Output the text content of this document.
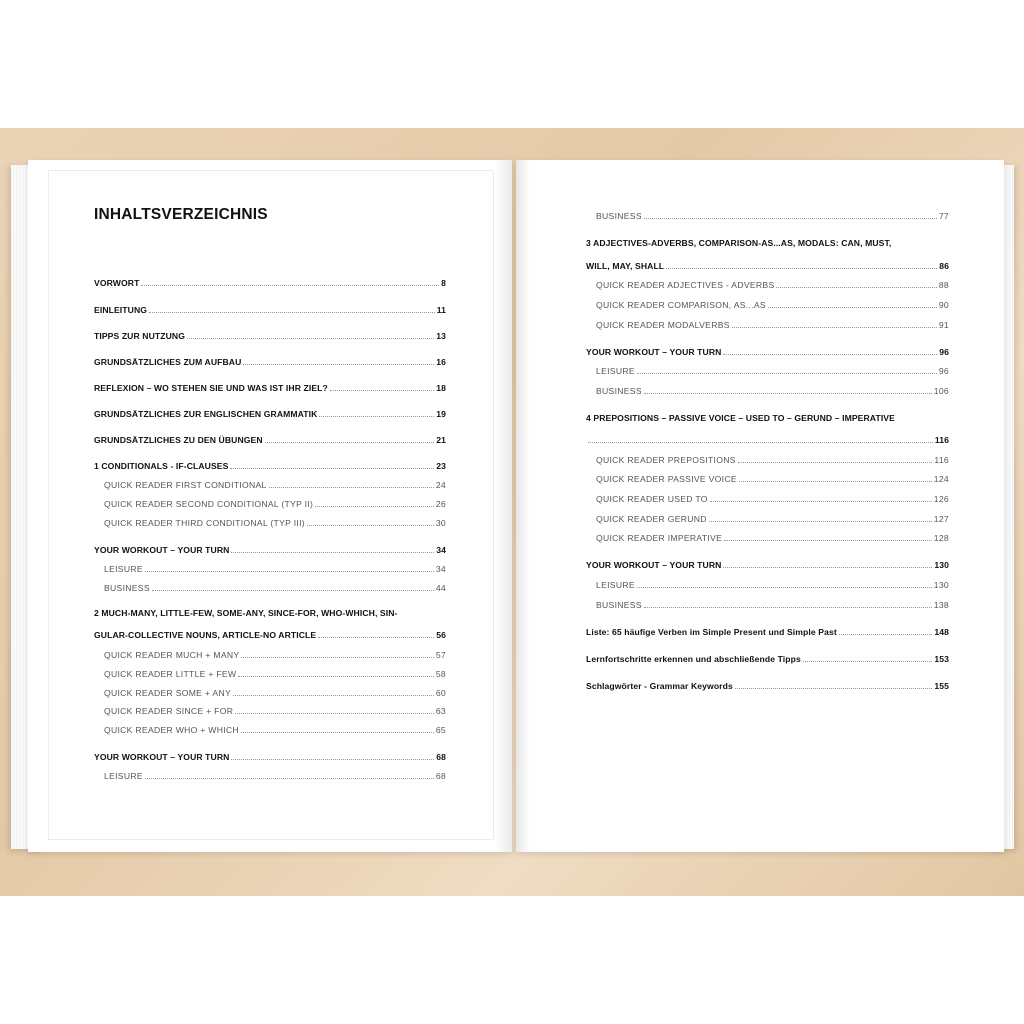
INHALTSVERZEICHNIS
VORWORT	8
EINLEITUNG	11
TIPPS ZUR NUTZUNG	13
GRUNDSÄTZLICHES ZUM AUFBAU	16
REFLEXION – WO STEHEN SIE UND WAS IST IHR ZIEL?	18
GRUNDSÄTZLICHES ZUR ENGLISCHEN GRAMMATIK	19
GRUNDSÄTZLICHES ZU DEN ÜBUNGEN	21
1 CONDITIONALS - IF-CLAUSES	23
QUICK READER FIRST CONDITIONAL	24
QUICK READER SECOND CONDITIONAL (TYP II)	26
QUICK READER THIRD CONDITIONAL (TYP III)	30
YOUR WORKOUT – YOUR TURN	34
LEISURE	34
BUSINESS	44
2 MUCH-MANY, LITTLE-FEW, SOME-ANY, SINCE-FOR, WHO-WHICH, SIN-
GULAR-COLLECTIVE NOUNS, ARTICLE-NO ARTICLE	56
QUICK READER MUCH + MANY	57
QUICK READER LITTLE + FEW	58
QUICK READER SOME + ANY	60
QUICK READER SINCE + FOR	63
QUICK READER WHO + WHICH	65
YOUR WORKOUT – YOUR TURN	68
LEISURE	68
BUSINESS	77
3 ADJECTIVES-ADVERBS, COMPARISON-AS...AS, MODALS: CAN, MUST,
WILL, MAY, SHALL	86
QUICK READER ADJECTIVES - ADVERBS	88
QUICK READER COMPARISON, AS...AS	90
QUICK READER MODALVERBS	91
YOUR WORKOUT – YOUR TURN	96
LEISURE	96
BUSINESS	106
4 PREPOSITIONS – PASSIVE VOICE – USED TO – GERUND – IMPERATIVE
116
QUICK READER PREPOSITIONS	116
QUICK READER PASSIVE VOICE	124
QUICK READER USED TO	126
QUICK READER GERUND	127
QUICK READER IMPERATIVE	128
YOUR WORKOUT – YOUR TURN	130
LEISURE	130
BUSINESS	138
Liste: 65 häufige Verben im Simple Present und Simple Past	148
Lernfortschritte erkennen und abschließende Tipps	153
Schlagwörter - Grammar Keywords	155
